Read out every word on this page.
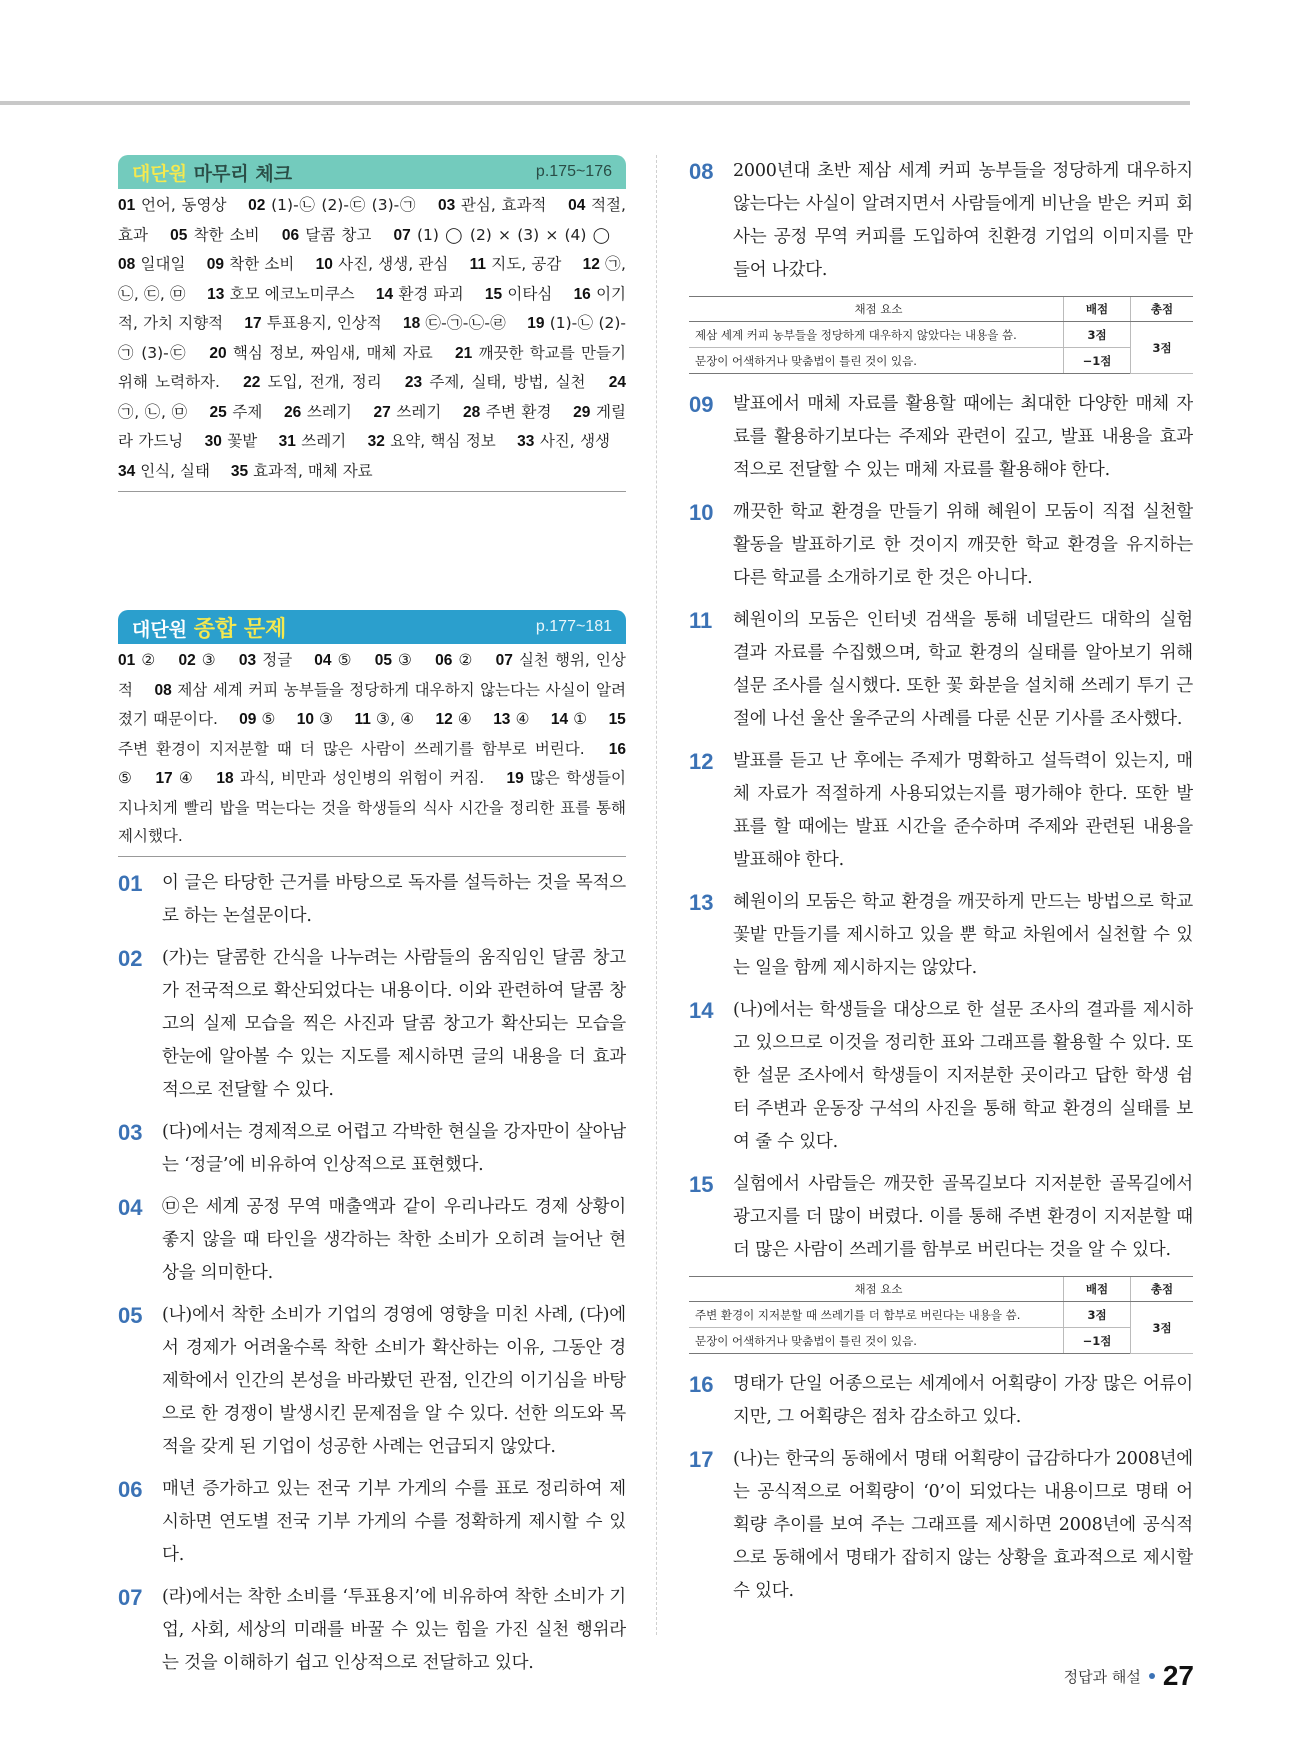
대단원 마무리 체크	p.175~176
01 언어, 동영상 02 (1)-㉡ (2)-㉢ (3)-㉠ 03 관심, 효과적 04 적절, 효과 05 착한 소비 06 달콤 창고 07 (1) ◯ (2) × (3) × (4) ◯ 08 일대일 09 착한 소비 10 사진, 생생, 관심 11 지도, 공감 12 ㉠, ㉡, ㉢, ㉤ 13 호모 에코노미쿠스 14 환경 파괴 15 이타심 16 이기적, 가치 지향적 17 투표용지, 인상적 18 ㉢-㉠-㉡-㉣ 19 (1)-㉡ (2)-㉠ (3)-㉢ 20 핵심 정보, 짜임새, 매체 자료 21 깨끗한 학교를 만들기 위해 노력하자. 22 도입, 전개, 정리 23 주제, 실태, 방법, 실천 24 ㉠, ㉡, ㉤ 25 주제 26 쓰레기 27 쓰레기 28 주변 환경 29 게릴라 가드닝 30 꽃밭 31 쓰레기 32 요약, 핵심 정보 33 사진, 생생 34 인식, 실태 35 효과적, 매체 자료
대단원 종합 문제	p.177~181
01 ② 02 ③ 03 정글 04 ⑤ 05 ③ 06 ② 07 실천 행위, 인상적 08 제삼 세계 커피 농부들을 정당하게 대우하지 않는다는 사실이 알려졌기 때문이다. 09 ⑤ 10 ③ 11 ③, ④ 12 ④ 13 ④ 14 ① 15 주변 환경이 지저분할 때 더 많은 사람이 쓰레기를 함부로 버린다. 16 ⑤ 17 ④ 18 과식, 비만과 성인병의 위험이 커짐. 19 많은 학생들이 지나치게 빨리 밥을 먹는다는 것을 학생들의 식사 시간을 정리한 표를 통해 제시했다.
01	이 글은 타당한 근거를 바탕으로 독자를 설득하는 것을 목적으로 하는 논설문이다.
02	(가)는 달콤한 간식을 나누려는 사람들의 움직임인 달콤 창고가 전국적으로 확산되었다는 내용이다. 이와 관련하여 달콤 창고의 실제 모습을 찍은 사진과 달콤 창고가 확산되는 모습을 한눈에 알아볼 수 있는 지도를 제시하면 글의 내용을 더 효과적으로 전달할 수 있다.
03	(다)에서는 경제적으로 어렵고 각박한 현실을 강자만이 살아남는 ‘정글’에 비유하여 인상적으로 표현했다.
04	㉤은 세계 공정 무역 매출액과 같이 우리나라도 경제 상황이 좋지 않을 때 타인을 생각하는 착한 소비가 오히려 늘어난 현상을 의미한다.
05	(나)에서 착한 소비가 기업의 경영에 영향을 미친 사례, (다)에서 경제가 어려울수록 착한 소비가 확산하는 이유, 그동안 경제학에서 인간의 본성을 바라봤던 관점, 인간의 이기심을 바탕으로 한 경쟁이 발생시킨 문제점을 알 수 있다. 선한 의도와 목적을 갖게 된 기업이 성공한 사례는 언급되지 않았다.
06	매년 증가하고 있는 전국 기부 가게의 수를 표로 정리하여 제시하면 연도별 전국 기부 가게의 수를 정확하게 제시할 수 있다.
07	(라)에서는 착한 소비를 ‘투표용지’에 비유하여 착한 소비가 기업, 사회, 세상의 미래를 바꿀 수 있는 힘을 가진 실천 행위라는 것을 이해하기 쉽고 인상적으로 전달하고 있다.
08	2000년대 초반 제삼 세계 커피 농부들을 정당하게 대우하지 않는다는 사실이 알려지면서 사람들에게 비난을 받은 커피 회사는 공정 무역 커피를 도입하여 친환경 기업의 이미지를 만들어 나갔다.
채점 요소	배점	총점
제삼 세계 커피 농부들을 정당하게 대우하지 않았다는 내용을 씀.	3점	3점
문장이 어색하거나 맞춤법이 틀린 것이 있음.	−1점	
09	발표에서 매체 자료를 활용할 때에는 최대한 다양한 매체 자료를 활용하기보다는 주제와 관련이 깊고, 발표 내용을 효과적으로 전달할 수 있는 매체 자료를 활용해야 한다.
10	깨끗한 학교 환경을 만들기 위해 혜원이 모둠이 직접 실천할 활동을 발표하기로 한 것이지 깨끗한 학교 환경을 유지하는 다른 학교를 소개하기로 한 것은 아니다.
11	혜원이의 모둠은 인터넷 검색을 통해 네덜란드 대학의 실험 결과 자료를 수집했으며, 학교 환경의 실태를 알아보기 위해 설문 조사를 실시했다. 또한 꽃 화분을 설치해 쓰레기 투기 근절에 나선 울산 울주군의 사례를 다룬 신문 기사를 조사했다.
12	발표를 듣고 난 후에는 주제가 명확하고 설득력이 있는지, 매체 자료가 적절하게 사용되었는지를 평가해야 한다. 또한 발표를 할 때에는 발표 시간을 준수하며 주제와 관련된 내용을 발표해야 한다.
13	혜원이의 모둠은 학교 환경을 깨끗하게 만드는 방법으로 학교 꽃밭 만들기를 제시하고 있을 뿐 학교 차원에서 실천할 수 있는 일을 함께 제시하지는 않았다.
14	(나)에서는 학생들을 대상으로 한 설문 조사의 결과를 제시하고 있으므로 이것을 정리한 표와 그래프를 활용할 수 있다. 또한 설문 조사에서 학생들이 지저분한 곳이라고 답한 학생 쉼터 주변과 운동장 구석의 사진을 통해 학교 환경의 실태를 보여 줄 수 있다.
15	실험에서 사람들은 깨끗한 골목길보다 지저분한 골목길에서 광고지를 더 많이 버렸다. 이를 통해 주변 환경이 지저분할 때 더 많은 사람이 쓰레기를 함부로 버린다는 것을 알 수 있다.
채점 요소	배점	총점
주변 환경이 지저분할 때 쓰레기를 더 함부로 버린다는 내용을 씀.	3점	3점
문장이 어색하거나 맞춤법이 틀린 것이 있음.	−1점	
16	명태가 단일 어종으로는 세계에서 어획량이 가장 많은 어류이지만, 그 어획량은 점차 감소하고 있다.
17	(나)는 한국의 동해에서 명태 어획량이 급감하다가 2008년에는 공식적으로 어획량이 ‘0’이 되었다는 내용이므로 명태 어획량 추이를 보여 주는 그래프를 제시하면 2008년에 공식적으로 동해에서 명태가 잡히지 않는 상황을 효과적으로 제시할 수 있다.
정답과 해설 27
